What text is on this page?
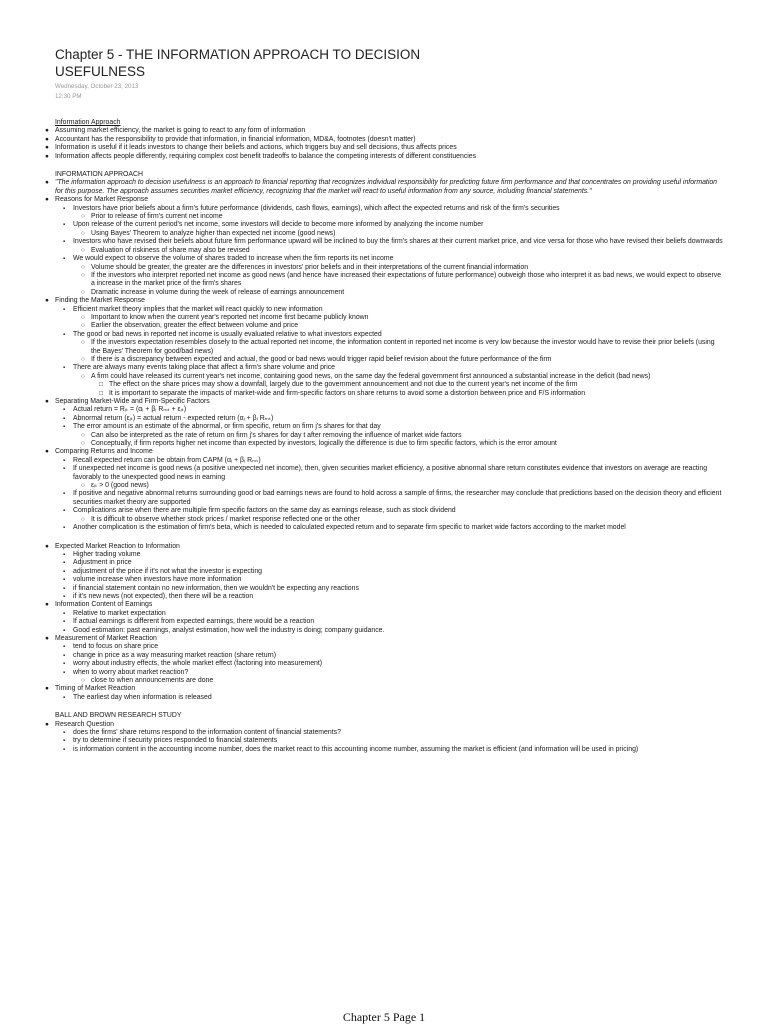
Chapter 5 - THE INFORMATION APPROACH TO DECISION
USEFULNESS
Wednesday, October 23, 2013
12:30 PM
Information Approach
● Assuming market efficiency, the market is going to react to any form of information
● Accountant has the responsibility to provide that information, in financial information, MD&A, footnotes (doesn't matter)
● Information is useful if it leads investors to change their beliefs and actions, which triggers buy and sell decisions, thus affects prices
● Information affects people differently, requiring complex cost benefit tradeoffs to balance the competing interests of different constituencies
INFORMATION APPROACH
● "The information approach to decision usefulness is an approach to financial reporting that recognizes individual responsibility for predicting future firm performance and that concentrates on providing useful information for this purpose. The approach assumes securities market efficiency, recognizing that the market will react to useful information from any source, including financial statements."
● Reasons for Market Response
▪	Investors have prior beliefs about a firm's future performance (dividends, cash flows, earnings), which affect the expected returns and risk of the firm's securities
○ Prior to release of firm's current net income
▪	Upon release of the current period's net income, some investors will decide to become more informed by analyzing the income number
○ Using Bayes' Theorem to analyze higher than expected net income (good news)
▪	Investors who have revised their beliefs about future firm performance upward will be inclined to buy the firm's shares at their current market price, and vice versa for those who have revised their beliefs downwards
○ Evaluation of riskiness of share may also be revised
▪	We would expect to observe the volume of shares traded to increase when the firm reports its net income
○ Volume should be greater, the greater are the differences in investors' prior beliefs and in their interpretations of the current financial information
○ If the investors who interpret reported net income as good news (and hence have increased their expectations of future performance) outweigh those who interpret it as bad news, we would expect to observe a increase in the market price of the firm's shares
○ Dramatic increase in volume during the week of release of earnings announcement
● Finding the Market Response
▪	Efficient market theory implies that the market will react quickly to new information
○ Important to know when the current year's reported net income first became publicly known
○ Earlier the observation, greater the effect between volume and price
▪	The good or bad news in reported net income is usually evaluated relative to what investors expected
○ If the investors expectation resembles closely to the actual reported net income, the information content in reported net income is very low because the investor would have to revise their prior beliefs (using the Bayes' Theorem for good/bad news)
○ If there is a discrepancy between expected and actual, the good or bad news would trigger rapid belief revision about the future performance of the firm
▪	There are always many events taking place that affect a firm's share volume and price
○ A firm could have released its current year's net income, containing good news, on the same day the federal government first announced a substantial increase in the deficit (bad news)
□ The effect on the share prices may show a downfall, largely due to the government announcement and not due to the current year's net income of the firm
□ It is important to separate the impacts of market-wide and firm-specific factors on share returns to avoid some a distortion between price and F/S information
● Separating Market-Wide and Firm-Specific Factors
▪	Actual return = Rⱼₜ = (αⱼ + βⱼ Rₘₜ + εⱼₜ)
▪	Abnormal return (εⱼₜ) = actual return - expected return (αⱼ + βⱼ Rₘₜ)
▪	The error amount is an estimate of the abnormal, or firm specific, return on firm j's shares for that day
○ Can also be interpreted as the rate of return on firm j's shares for day t after removing the influence of market wide factors
○ Conceptually, if firm reports higher net income than expected by investors, logically the difference is due to firm specific factors, which is the error amount
● Comparing Returns and Income
▪	Recall expected return can be obtain from CAPM (αⱼ + βⱼ Rₘₜ)
▪	If unexpected net income is good news (a positive unexpected net income), then, given securities market efficiency, a positive abnormal share return constitutes evidence that investors on average are reacting favorably to the unexpected good news in earning
○ εⱼₜ > 0 (good news)
▪	If positive and negative abnormal returns surrounding good or bad earnings news are found to hold across a sample of firms, the researcher may conclude that predictions based on the decision theory and efficient securities market theory are supported
▪	Complications arise when there are multiple firm specific factors on the same day as earnings release, such as stock dividend
○ It is difficult to observe whether stock prices / market response reflected one or the other
▪	Another complication is the estimation of firm's beta, which is needed to calculated expected return and to separate firm specific to market wide factors according to the market model
● Expected Market Reaction to Information
▪	Higher trading volume
▪	Adjustment in price
▪	adjustment of the price if it's not what the investor is expecting
▪	volume increase when investors have more information
▪	if financial statement contain no new information, then we wouldn't be expecting any reactions
▪	if it's new news (not expected), then there will be a reaction
● Information Content of Earnings
▪	Relative to market expectation
▪	If actual earnings is different from expected earnings, there would be a reaction
▪	Good estimation: past earnings, analyst estimation, how well the industry is doing; company guidance.
● Measurement of Market Reaction
▪	tend to focus on share price
▪	change in price as a way measuring market reaction (share return)
▪	worry about industry effects, the whole market effect (factoring into measurement)
▪	when to worry about market reaction?
○ close to when announcements are done
● Timing of Market Reaction
▪	The earliest day when information is released
BALL AND BROWN RESEARCH STUDY
● Research Question
▪	does the firms' share returns respond to the information content of financial statements?
▪	try to determine if security prices responded to financial statements
▪	is information content in the accounting income number, does the market react to this accounting income number, assuming the market is efficient (and information will be used in pricing)
Chapter 5 Page 1
